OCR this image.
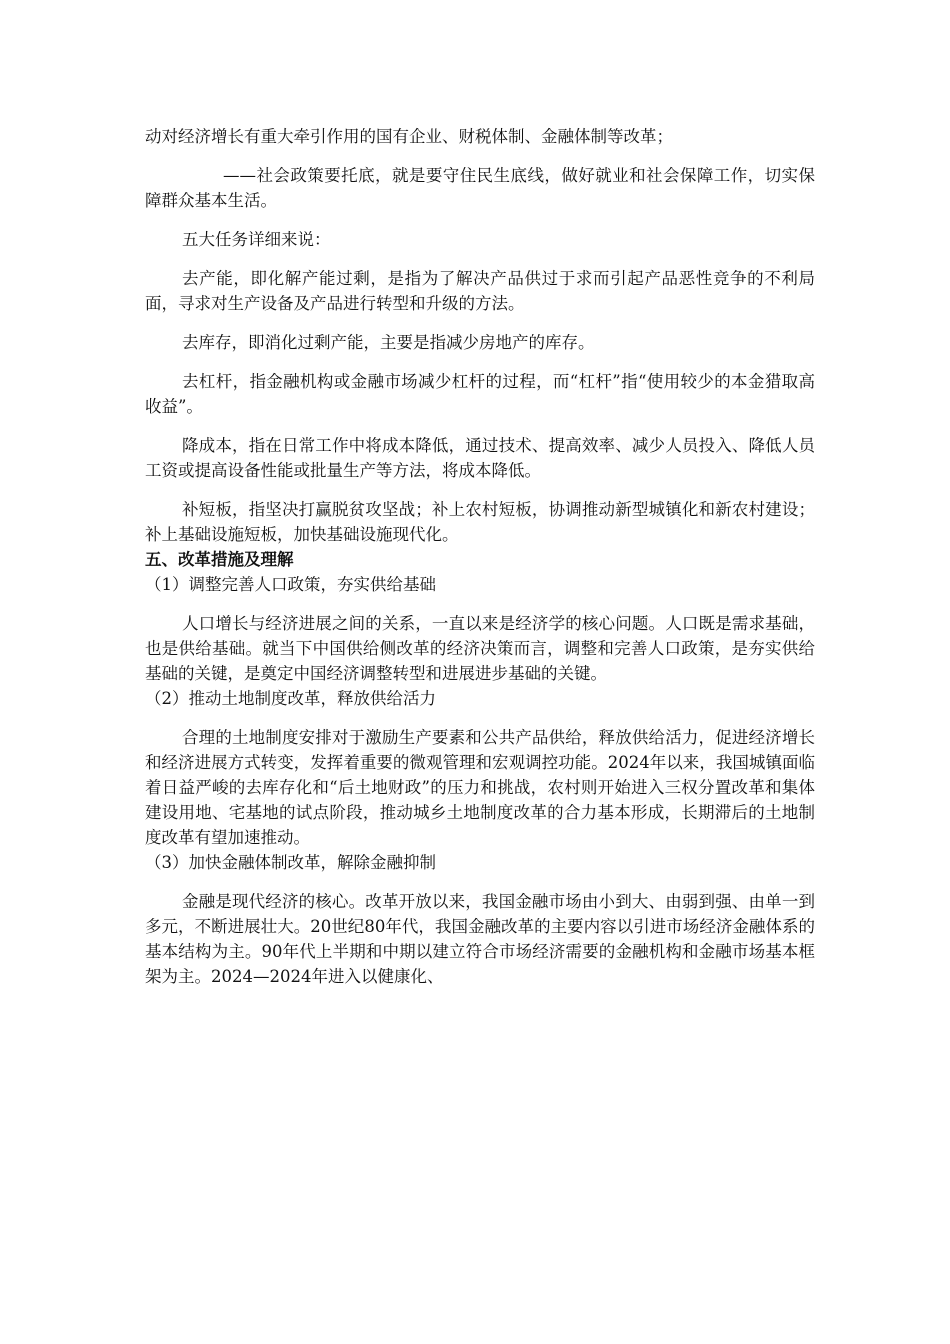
动对经济增长有重大牵引作用的国有企业、财税体制、金融体制等改革；

——社会政策要托底，就是要守住民生底线，做好就业和社会保障工作，切实保障群众基本生活。

五大任务详细来说：

去产能，即化解产能过剩，是指为了解决产品供过于求而引起产品恶性竞争的不利局面，寻求对生产设备及产品进行转型和升级的方法。

去库存，即消化过剩产能，主要是指减少房地产的库存。

去杠杆，指金融机构或金融市场减少杠杆的过程，而“杠杆”指“使用较少的本金猎取高收益”。

降成本，指在日常工作中将成本降低，通过技术、提高效率、减少人员投入、降低人员工资或提高设备性能或批量生产等方法，将成本降低。

补短板，指坚决打赢脱贫攻坚战；补上农村短板，协调推动新型城镇化和新农村建设；补上基础设施短板，加快基础设施现代化。

五、改革措施及理解

（1）调整完善人口政策，夯实供给基础

人口增长与经济进展之间的关系，一直以来是经济学的核心问题。人口既是需求基础，也是供给基础。就当下中国供给侧改革的经济决策而言，调整和完善人口政策，是夯实供给基础的关键，是奠定中国经济调整转型和进展进步基础的关键。

（2）推动土地制度改革，释放供给活力

合理的土地制度安排对于激励生产要素和公共产品供给，释放供给活力，促进经济增长和经济进展方式转变，发挥着重要的微观管理和宏观调控功能。2024年以来，我国城镇面临着日益严峻的去库存化和“后土地财政”的压力和挑战，农村则开始进入三权分置改革和集体建设用地、宅基地的试点阶段，推动城乡土地制度改革的合力基本形成，长期滞后的土地制度改革有望加速推动。

（3）加快金融体制改革，解除金融抑制

金融是现代经济的核心。改革开放以来，我国金融市场由小到大、由弱到强、由单一到多元，不断进展壮大。20世纪80年代，我国金融改革的主要内容以引进市场经济金融体系的基本结构为主。90年代上半期和中期以建立符合市场经济需要的金融机构和金融市场基本框架为主。2024—2024年进入以健康化、
